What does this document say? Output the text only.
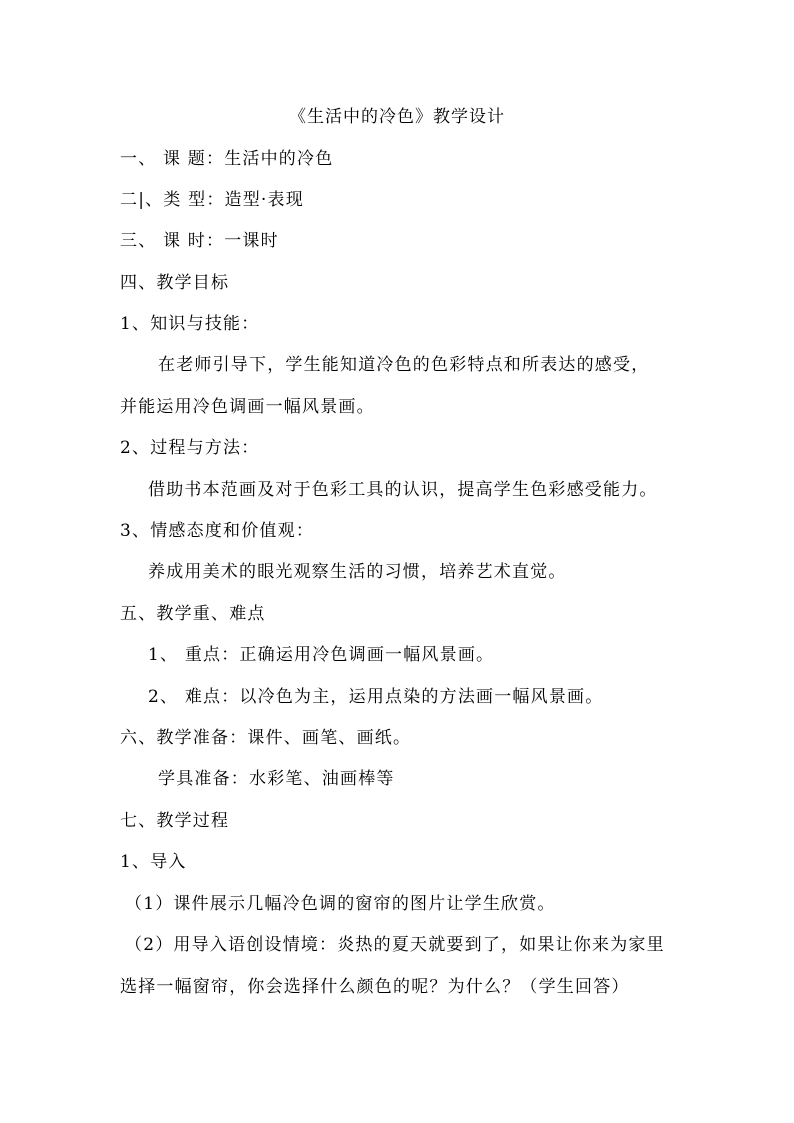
《生活中的冷色》教学设计
一、 课 题：生活中的冷色
二|、类 型：造型·表现
三、 课 时：一课时
四、教学目标
1、知识与技能：
在老师引导下，学生能知道冷色的色彩特点和所表达的感受，
并能运用冷色调画一幅风景画。
2、过程与方法：
借助书本范画及对于色彩工具的认识，提高学生色彩感受能力。
3、情感态度和价值观：
养成用美术的眼光观察生活的习惯，培养艺术直觉。
五、教学重、难点
1、 重点：正确运用冷色调画一幅风景画。
2、 难点：以冷色为主，运用点染的方法画一幅风景画。
六、教学准备：课件、画笔、画纸。
学具准备：水彩笔、油画棒等
七、教学过程
1、导入
（1）课件展示几幅冷色调的窗帘的图片让学生欣赏。
（2）用导入语创设情境：炎热的夏天就要到了，如果让你来为家里
选择一幅窗帘，你会选择什么颜色的呢？为什么？（学生回答）
